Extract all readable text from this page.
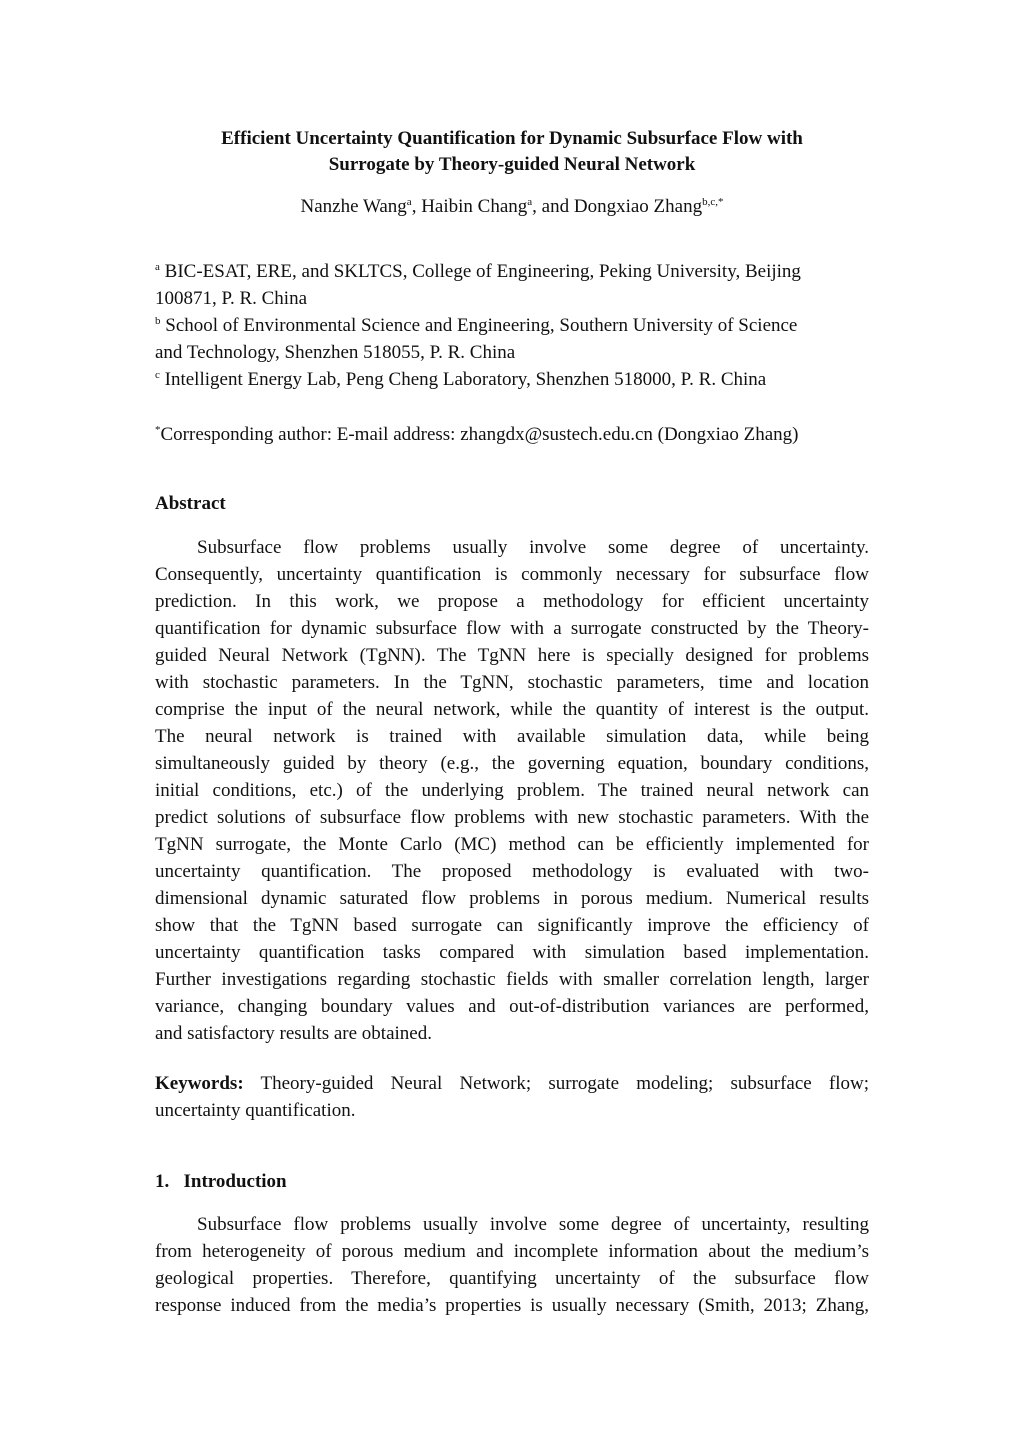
Efficient Uncertainty Quantification for Dynamic Subsurface Flow with
Surrogate by Theory-guided Neural Network
Nanzhe Wang$^a$, Haibin Chang$^a$, and Dongxiao Zhang$^{b,c,*}$
$^a$ BIC-ESAT, ERE, and SKLTCS, College of Engineering, Peking University, Beijing
100871, P. R. China
$^b$ School of Environmental Science and Engineering, Southern University of Science
and Technology, Shenzhen 518055, P. R. China
$^c$ Intelligent Energy Lab, Peng Cheng Laboratory, Shenzhen 518000, P. R. China
*Corresponding author: E-mail address: zhangdx@sustech.edu.cn (Dongxiao Zhang)
Abstract
Subsurface flow problems usually involve some degree of uncertainty.
Consequently, uncertainty quantification is commonly necessary for subsurface flow
prediction. In this work, we propose a methodology for efficient uncertainty
quantification for dynamic subsurface flow with a surrogate constructed by the Theory-
guided Neural Network (TgNN). The TgNN here is specially designed for problems
with stochastic parameters. In the TgNN, stochastic parameters, time and location
comprise the input of the neural network, while the quantity of interest is the output.
The neural network is trained with available simulation data, while being
simultaneously guided by theory (e.g., the governing equation, boundary conditions,
initial conditions, etc.) of the underlying problem. The trained neural network can
predict solutions of subsurface flow problems with new stochastic parameters. With the
TgNN surrogate, the Monte Carlo (MC) method can be efficiently implemented for
uncertainty quantification. The proposed methodology is evaluated with two-
dimensional dynamic saturated flow problems in porous medium. Numerical results
show that the TgNN based surrogate can significantly improve the efficiency of
uncertainty quantification tasks compared with simulation based implementation.
Further investigations regarding stochastic fields with smaller correlation length, larger
variance, changing boundary values and out-of-distribution variances are performed,
and satisfactory results are obtained.
Keywords: Theory-guided Neural Network; surrogate modeling; subsurface flow;
uncertainty quantification.
1.   Introduction
Subsurface flow problems usually involve some degree of uncertainty, resulting
from heterogeneity of porous medium and incomplete information about the medium’s
geological properties. Therefore, quantifying uncertainty of the subsurface flow
response induced from the media’s properties is usually necessary (Smith, 2013; Zhang,
